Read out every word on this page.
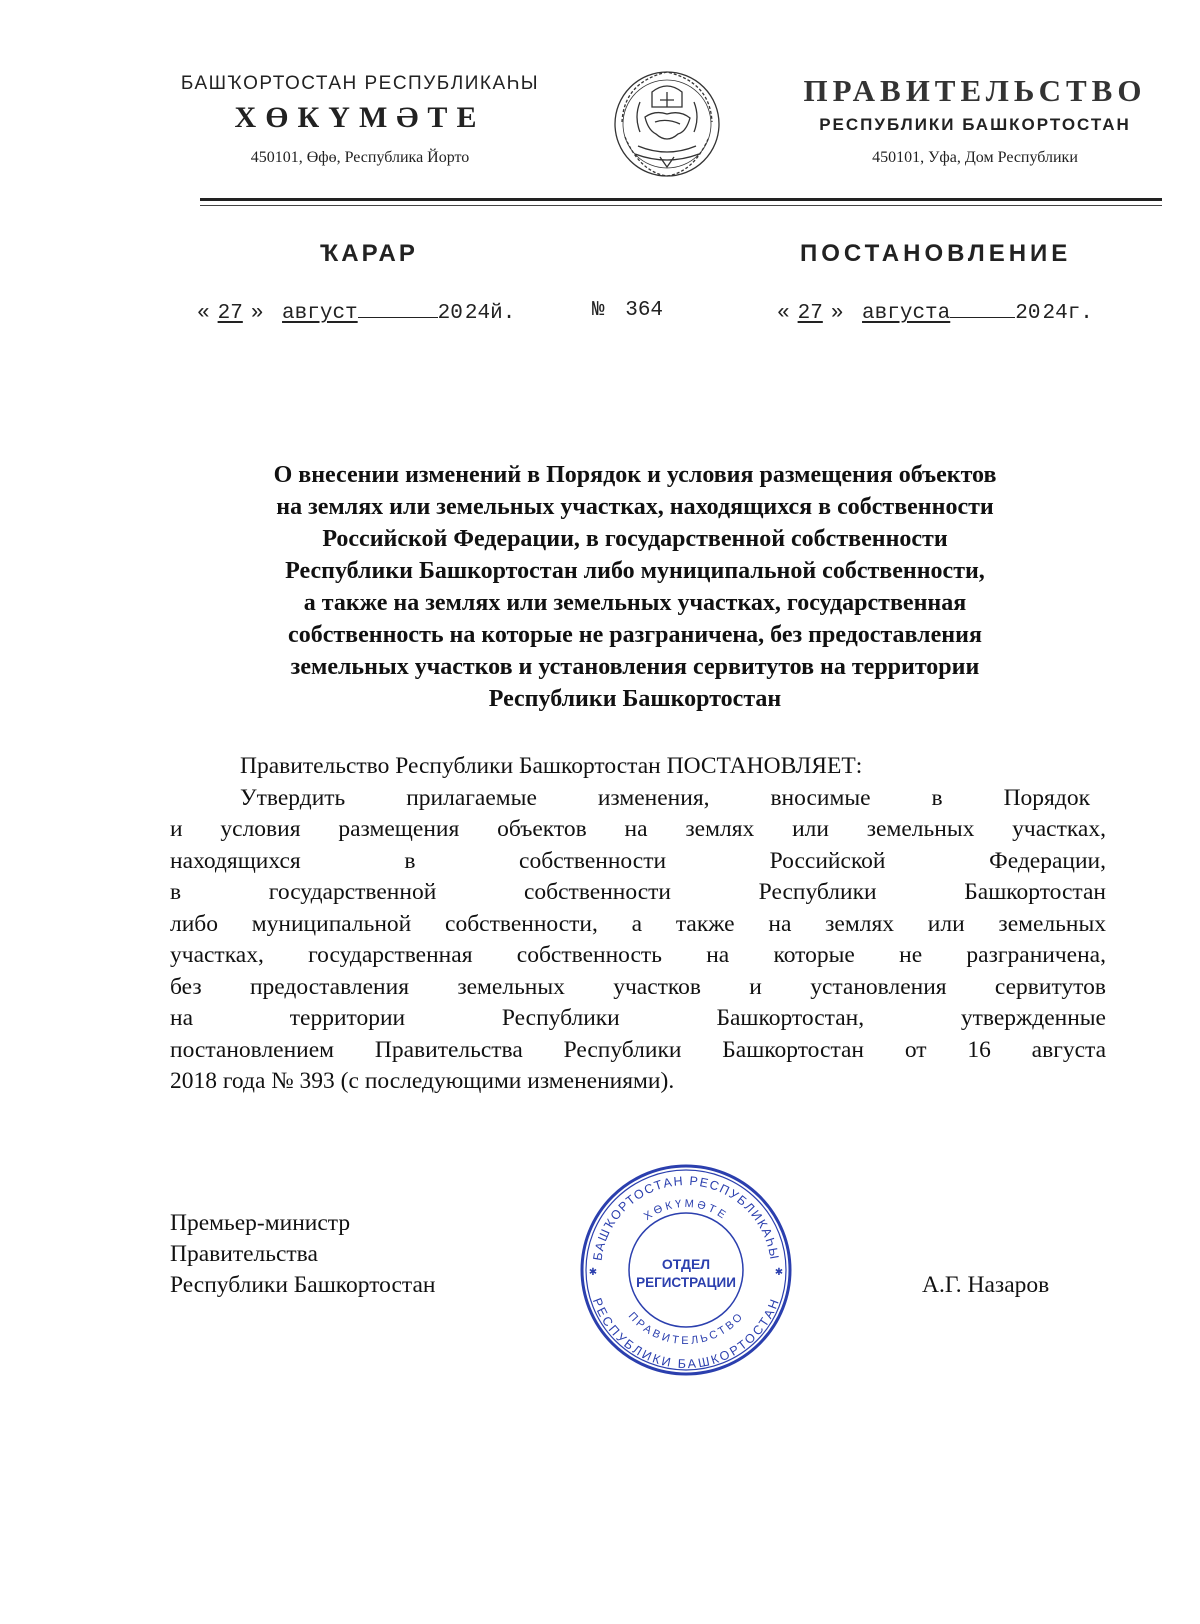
БАШҠОРТОСТАН РЕСПУБЛИКАҺЫ
ХӨКҮМӘТЕ
450101, Өфө, Республика Йорто
ПРАВИТЕЛЬСТВО
РЕСПУБЛИКИ БАШКОРТОСТАН
450101, Уфа, Дом Республики
ҠАРАР	ПОСТАНОВЛЕНИЕ
« 27 » август	2024й.	№ 364	« 27 » августа	2024г.
О внесении изменений в Порядок и условия размещения объектов
на землях или земельных участках, находящихся в собственности
Российской Федерации, в государственной собственности
Республики Башкортостан либо муниципальной собственности,
а также на землях или земельных участках, государственная
собственность на которые не разграничена, без предоставления
земельных участков и установления сервитутов на территории
Республики Башкортостан
Правительство Республики Башкортостан ПОСТАНОВЛЯЕТ:
Утвердить прилагаемые изменения, вносимые в Порядок
и условия размещения объектов на землях или земельных участках,
находящихся в собственности Российской Федерации,
в государственной собственности Республики Башкортостан
либо муниципальной собственности, а также на землях или земельных
участках, государственная собственность на которые не разграничена,
без предоставления земельных участков и установления сервитутов
на территории Республики Башкортостан, утвержденные
постановлением Правительства Республики Башкортостан от 16 августа
2018 года № 393 (с последующими изменениями).
Премьер-министр
Правительства
Республики Башкортостан	А.Г. Назаров
БАШҠОРТОСТАН РЕСПУБЛИКАҺЫ
ХӨКҮМӘТЕ
РЕСПУБЛИКИ БАШКОРТОСТАН
ПРАВИТЕЛЬСТВО
ОТДЕЛ
РЕГИСТРАЦИИ
✱	✱
